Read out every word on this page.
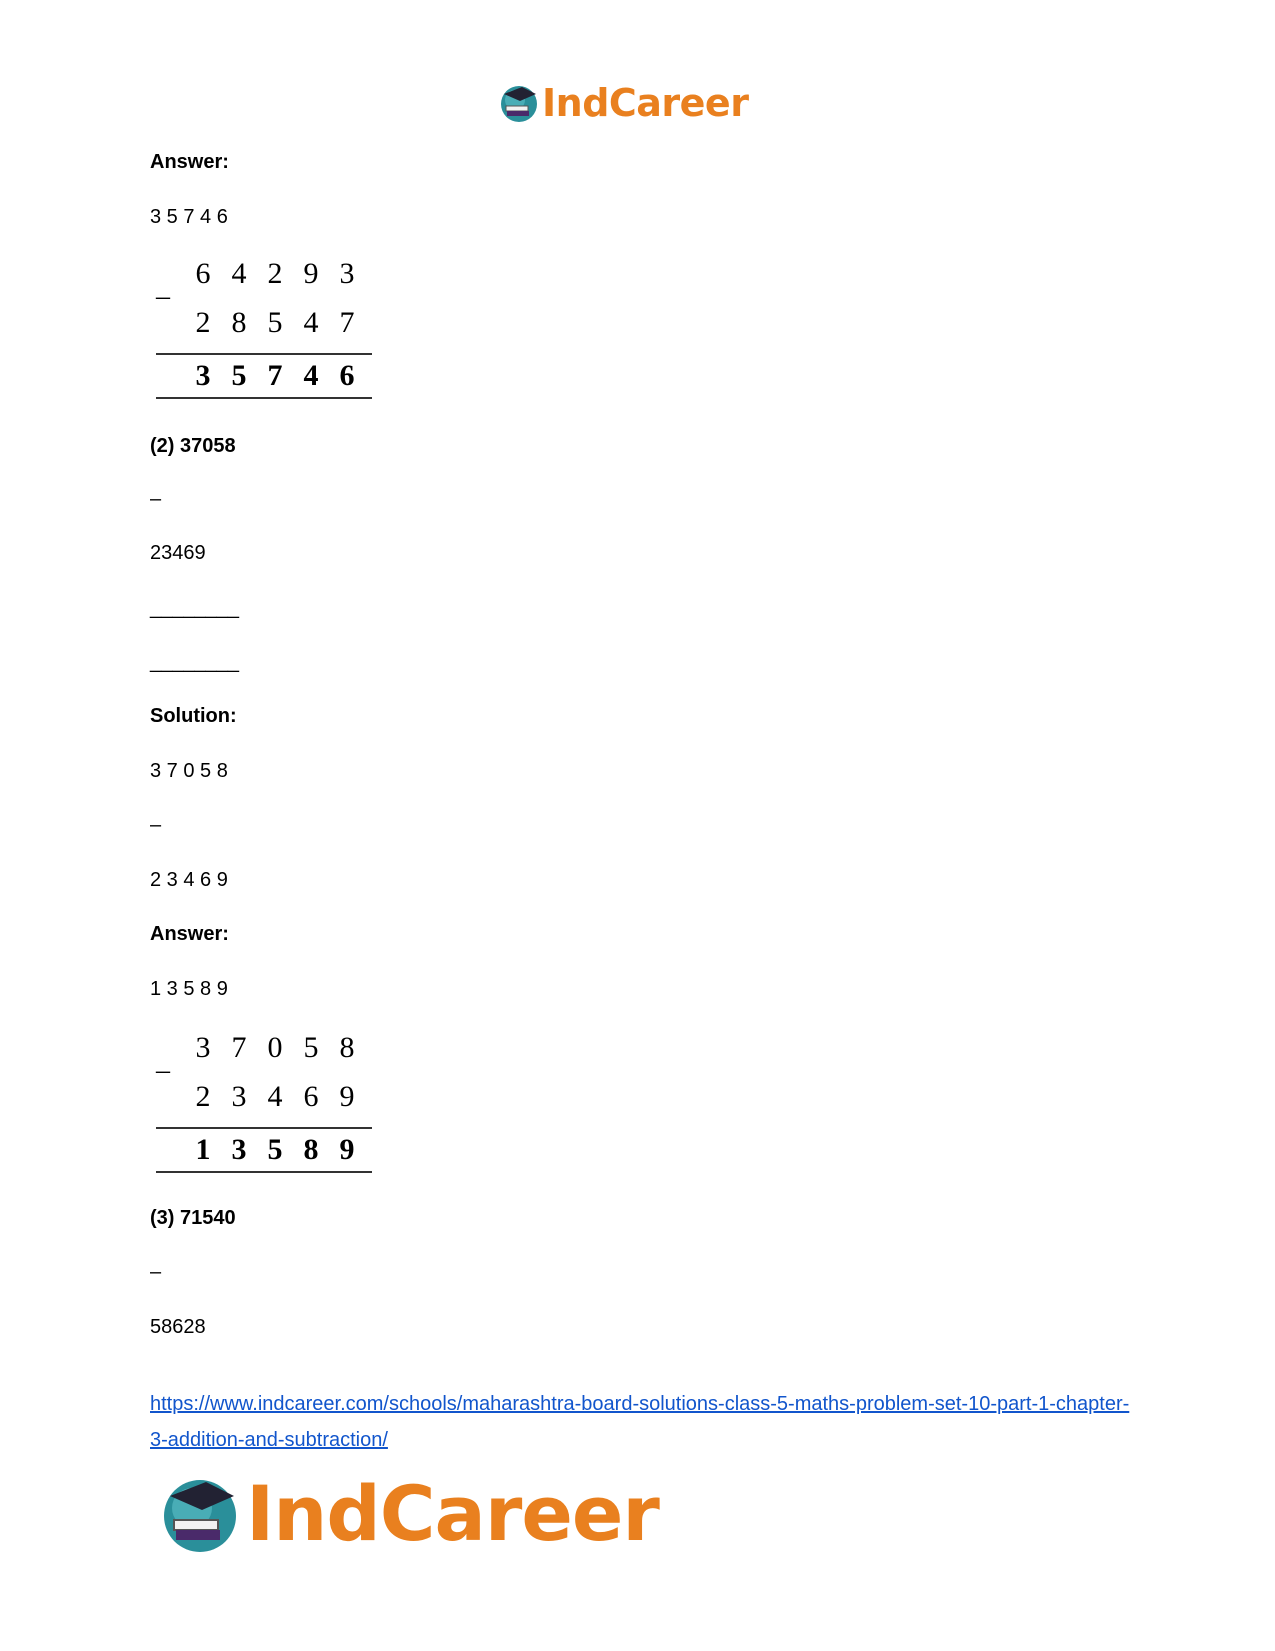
IndCareer
Answer:
3 5 7 4 6
–
6 4 2 9 3
2 8 5 4 7
3 5 7 4 6
(2) 37058
–
23469
________
________
Solution:
3 7 0 5 8
–
2 3 4 6 9
Answer:
1 3 5 8 9
–
3 7 0 5 8
2 3 4 6 9
1 3 5 8 9
(3) 71540
–
58628
https://www.indcareer.com/schools/maharashtra-board-solutions-class-5-maths-problem-set-10-part-1-chapter-3-addition-and-subtraction/
IndCareer
